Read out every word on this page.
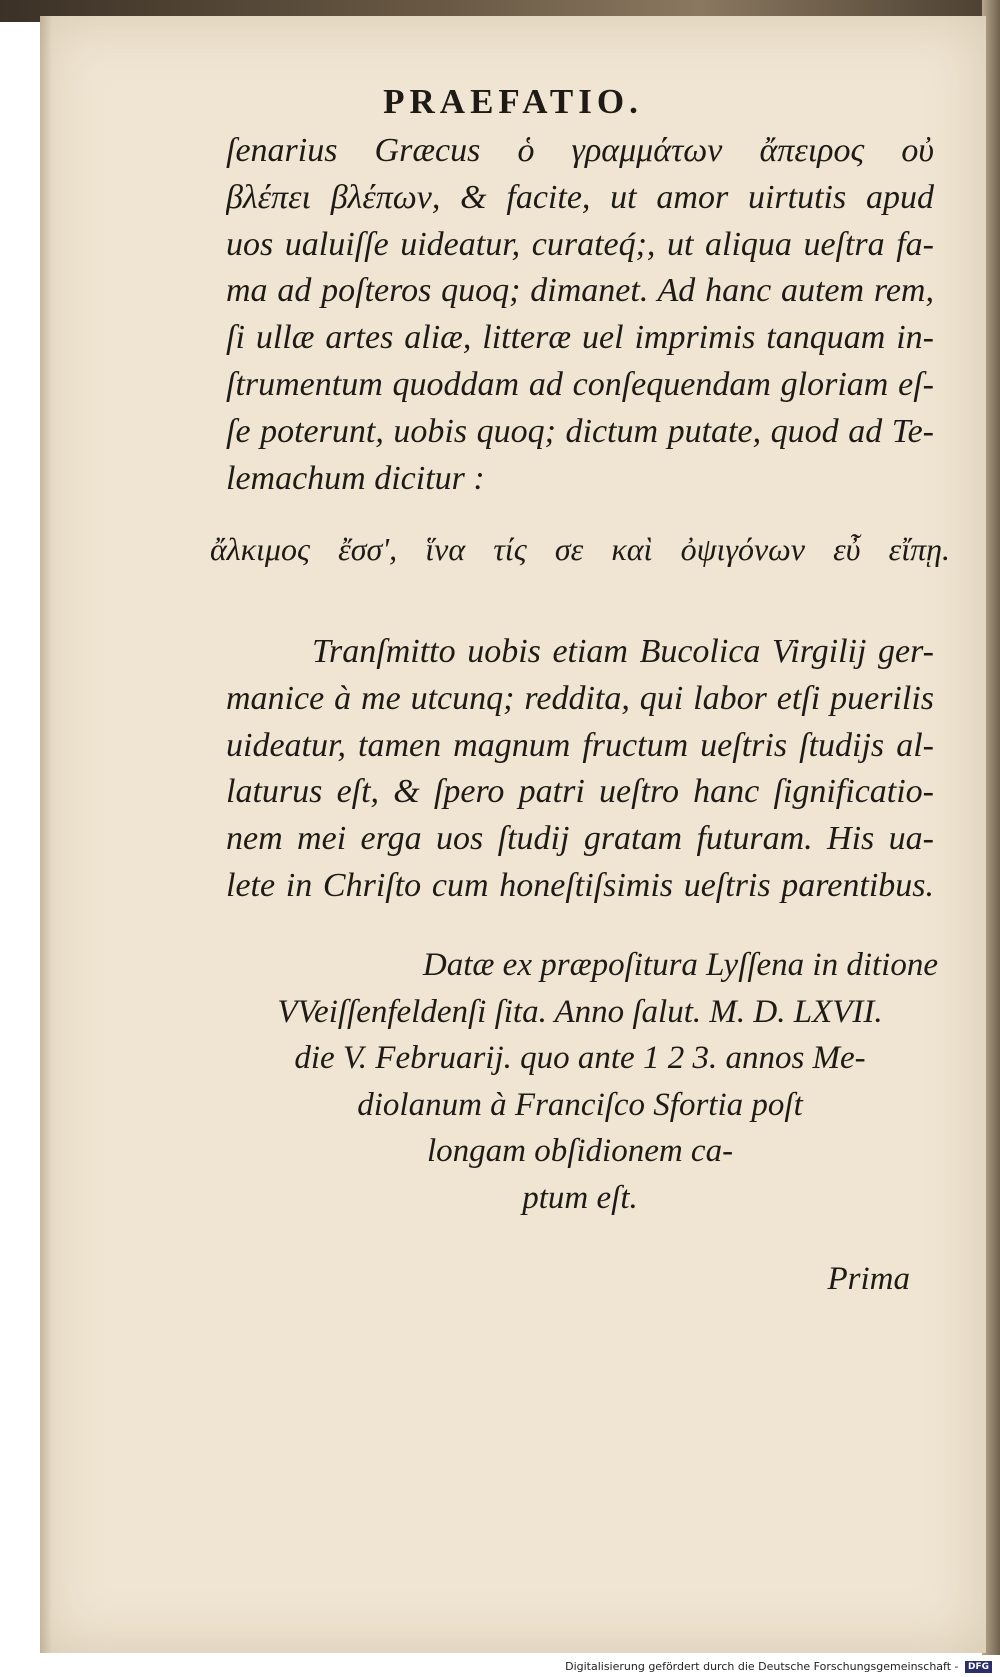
PRAEFATIO.
ſenarius Græcus ὁ γραμμάτων ἄπειρος οὐ
βλέπει βλέπων, & facite, ut amor uirtutis apud
uos ualuiſſe uideatur, curateq́;, ut aliqua ueſtra fa-
ma ad poſteros quoq; dimanet. Ad hanc autem rem,
ſi ullæ artes aliæ, litteræ uel imprimis tanquam in-
ſtrumentum quoddam ad conſequendam gloriam eſ-
ſe poterunt, uobis quoq; dictum putate, quod ad Te-
lemachum dicitur :
ἄλκιμος ἔσσ', ἵνα τίς σε καὶ ὀψιγόνων εὖ εἴπῃ.
Tranſmitto uobis etiam Bucolica Virgilij ger-
manice à me utcunq; reddita, qui labor etſi puerilis
uideatur, tamen magnum fructum ueſtris ſtudijs al-
laturus eſt, & ſpero patri ueſtro hanc ſignificatio-
nem mei erga uos ſtudij gratam futuram. His ua-
lete in Chriſto cum honeſtiſsimis ueſtris parentibus.
Datæ ex præpoſitura Lyſſena in ditione
VVeiſſenfeldenſi ſita. Anno ſalut. M. D. LXVII.
die V. Februarij. quo ante 1 2 3. annos Me-
diolanum à Franciſco Sfortia poſt
longam obſidionem ca-
ptum eſt.
Prima
Digitalisierung gefördert durch die Deutsche Forschungsgemeinschaft - DFG
